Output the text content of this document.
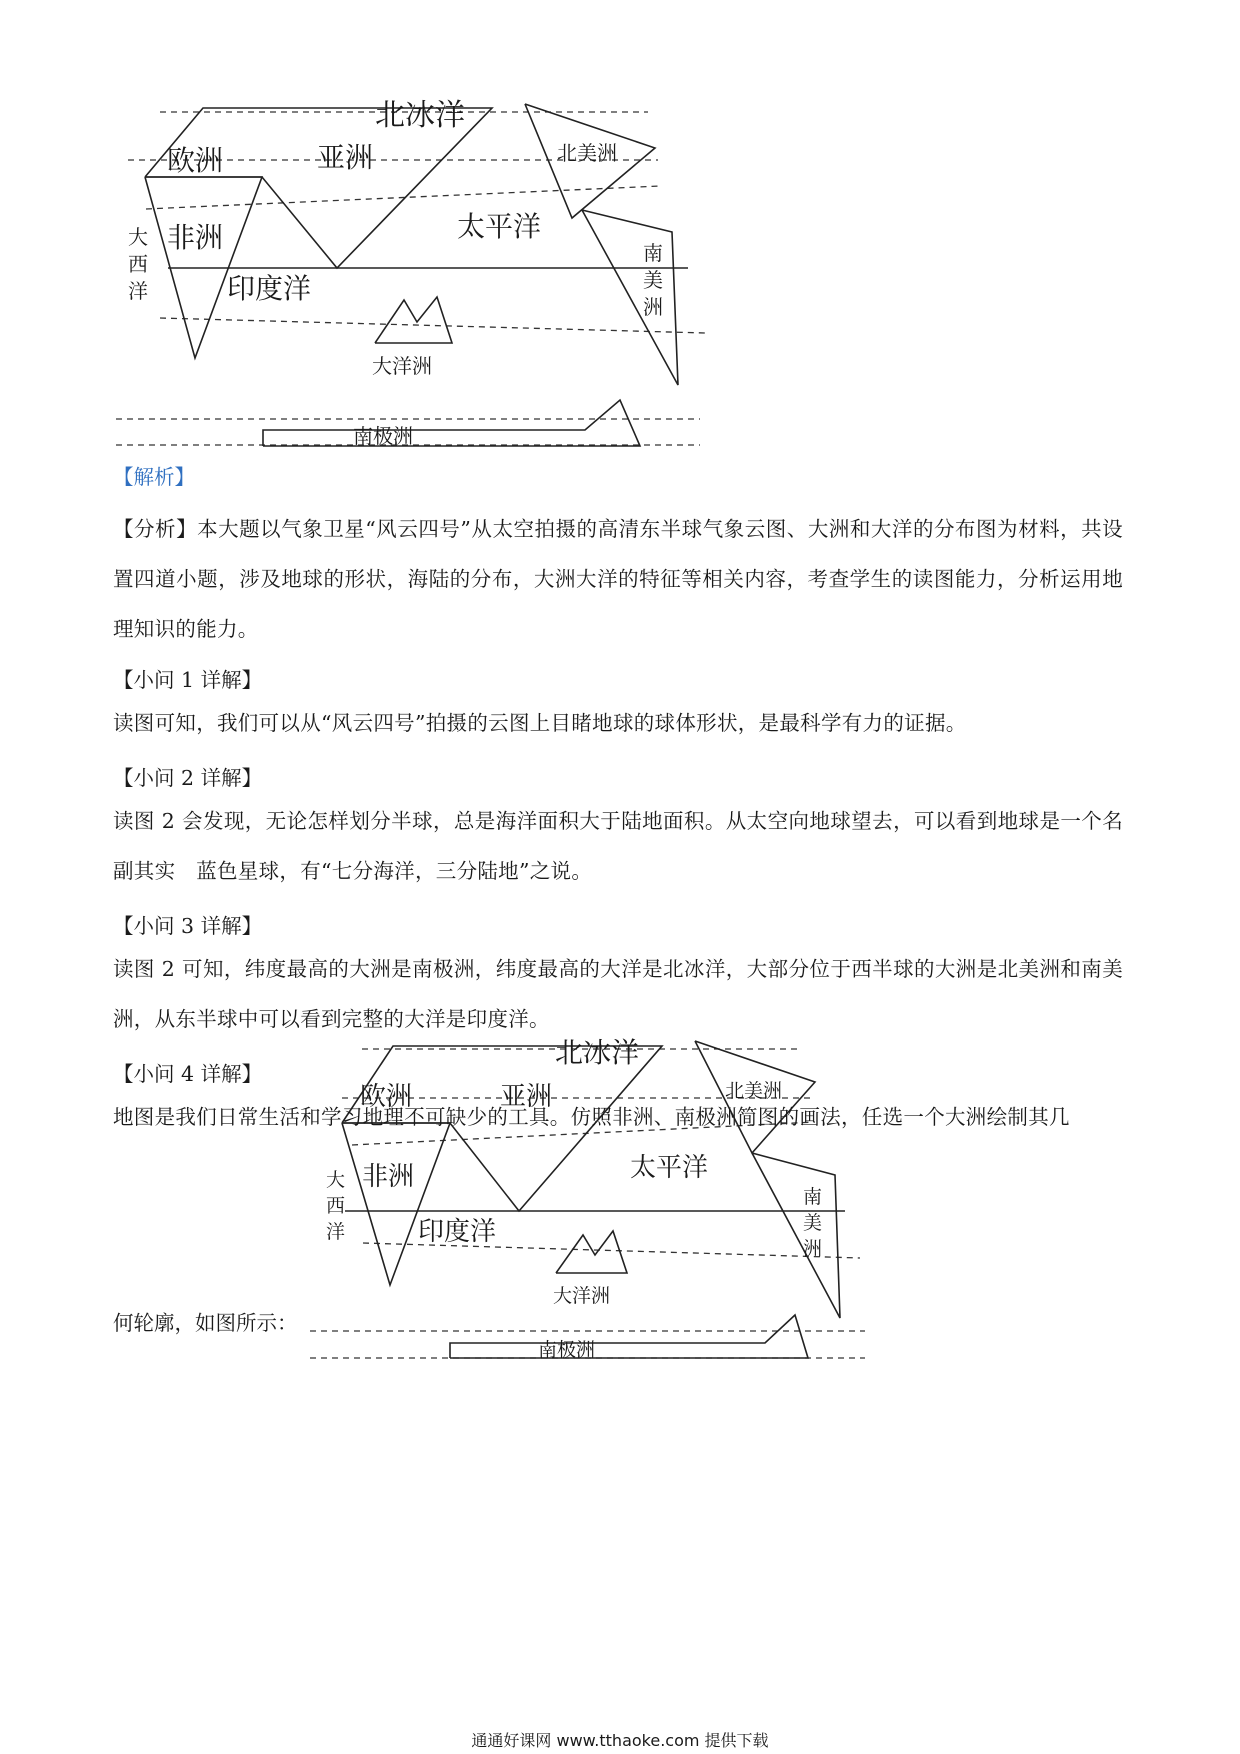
北冰洋
欧洲	亚洲	北美洲
非洲	太平洋
大
西
洋	印度洋
南
美
洲
大洋洲
南极洲
北冰洋
欧洲	亚洲	北美洲
非洲	太平洋
大
西
洋	印度洋
南
美
洲
大洋洲
南极洲
【解析】
【分析】本大题以气象卫星“风云四号”从太空拍摄的高清东半球气象云图、大洲和大洋的分布图为材料，共设置四道小题，涉及地球的形状，海陆的分布，大洲大洋的特征等相关内容，考查学生的读图能力，分析运用地理知识的能力。
【小问 1 详解】
读图可知，我们可以从“风云四号”拍摄的云图上目睹地球的球体形状，是最科学有力的证据。
【小问 2 详解】
读图 2 会发现，无论怎样划分半球，总是海洋面积大于陆地面积。从太空向地球望去，可以看到地球是一个名副其实　蓝色星球，有“七分海洋，三分陆地”之说。
【小问 3 详解】
读图 2 可知，纬度最高的大洲是南极洲，纬度最高的大洋是北冰洋，大部分位于西半球的大洲是北美洲和南美洲，从东半球中可以看到完整的大洋是印度洋。
【小问 4 详解】
地图是我们日常生活和学习地理不可缺少的工具。仿照非洲、南极洲简图的画法，任选一个大洲绘制其几
何轮廓，如图所示：
通通好课网 www.tthaoke.com 提供下载
